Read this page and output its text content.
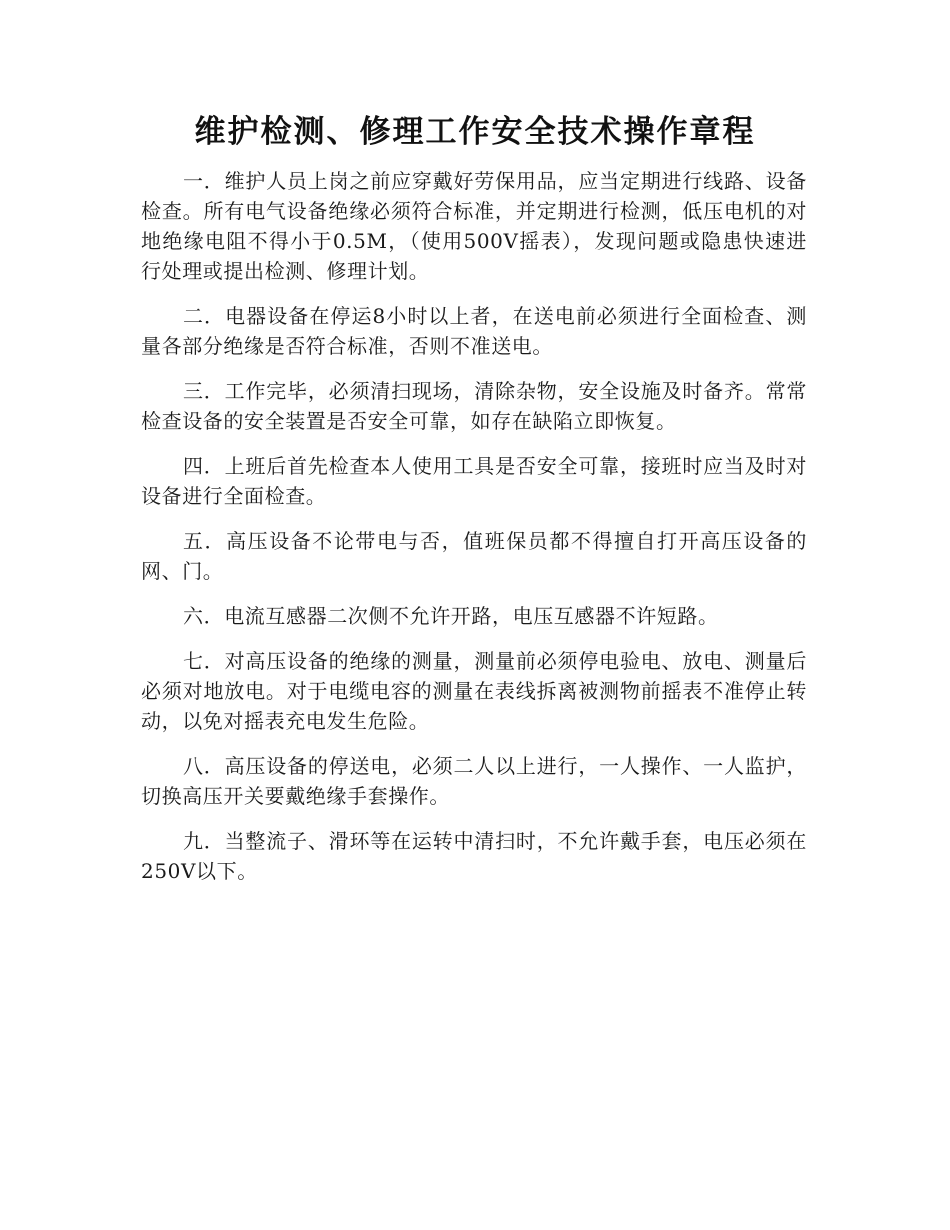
维护检测、修理工作安全技术操作章程

一．维护人员上岗之前应穿戴好劳保用品，应当定期进行线路、设备检查。所有电气设备绝缘必须符合标准，并定期进行检测，低压电机的对地绝缘电阻不得小于0.5M，（使用500V摇表），发现问题或隐患快速进行处理或提出检测、修理计划。

二．电器设备在停运8小时以上者，在送电前必须进行全面检查、测量各部分绝缘是否符合标准，否则不准送电。

三．工作完毕，必须清扫现场，清除杂物，安全设施及时备齐。常常检查设备的安全装置是否安全可靠，如存在缺陷立即恢复。

四．上班后首先检查本人使用工具是否安全可靠，接班时应当及时对设备进行全面检查。

五．高压设备不论带电与否，值班保员都不得擅自打开高压设备的网、门。

六．电流互感器二次侧不允许开路，电压互感器不许短路。

七．对高压设备的绝缘的测量，测量前必须停电验电、放电、测量后必须对地放电。对于电缆电容的测量在表线拆离被测物前摇表不准停止转动，以免对摇表充电发生危险。

八．高压设备的停送电，必须二人以上进行，一人操作、一人监护，切换高压开关要戴绝缘手套操作。

九．当整流子、滑环等在运转中清扫时，不允许戴手套，电压必须在250V以下。
